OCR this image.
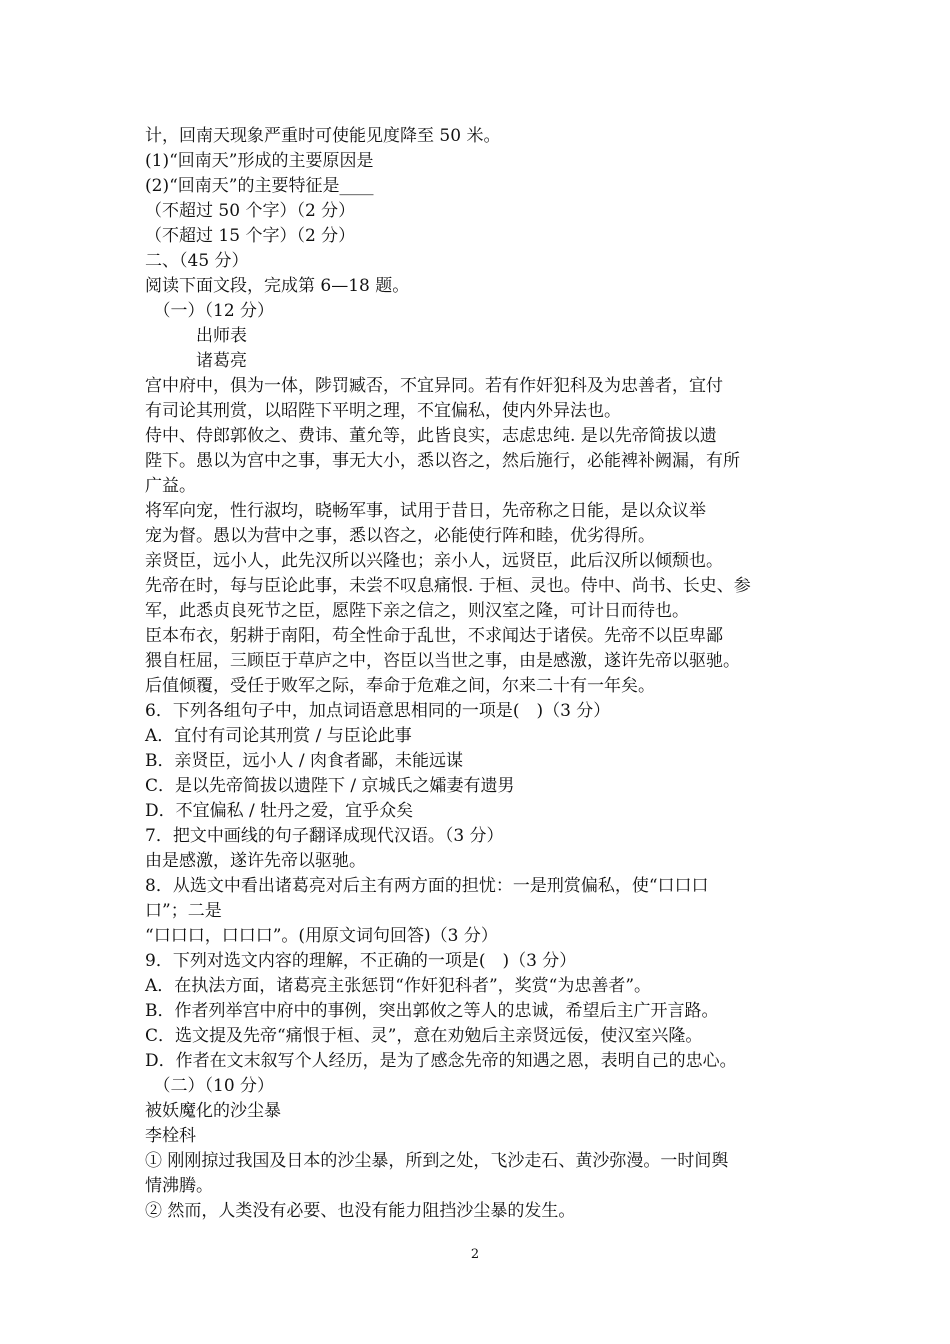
计，回南天现象严重时可使能见度降至 50 米。
(1)“回南天”形成的主要原因是
(2)“回南天”的主要特征是____
（不超过 50 个字）（2 分）
（不超过 15 个字）（2 分）
二、（45 分）
阅读下面文段，完成第 6—18 题。
　（一）（12 分）
　　　出师表
　　　诸葛亮
宫中府中，俱为一体，陟罚臧否，不宜异同。若有作奸犯科及为忠善者，宜付
有司论其刑赏，以昭陛下平明之理，不宜偏私，使内外异法也。
侍中、侍郎郭攸之、费讳、董允等，此皆良实，志虑忠纯. 是以先帝简拔以遗
陛下。愚以为宫中之事，事无大小，悉以咨之，然后施行，必能裨补阙漏，有所
广益。
将军向宠，性行淑均，晓畅军事，试用于昔日，先帝称之日能，是以众议举
宠为督。愚以为营中之事，悉以咨之，必能使行阵和睦，优劣得所。
亲贤臣，远小人，此先汉所以兴隆也；亲小人，远贤臣，此后汉所以倾颓也。
先帝在时，每与臣论此事，未尝不叹息痛恨. 于桓、灵也。侍中、尚书、长史、参
军，此悉贞良死节之臣，愿陛下亲之信之，则汉室之隆，可计日而待也。
臣本布衣，躬耕于南阳，苟全性命于乱世，不求闻达于诸侯。先帝不以臣卑鄙
猥自枉屈，三顾臣于草庐之中，咨臣以当世之事，由是感激，遂许先帝以驱驰。
后值倾覆，受任于败军之际，奉命于危难之间，尔来二十有一年矣。
6．下列各组句子中，加点词语意思相同的一项是(　)（3 分）
A．宜付有司论其刑赏 / 与臣论此事
B．亲贤臣，远小人 / 肉食者鄙，未能远谋
C．是以先帝简拔以遗陛下 / 京城氏之孀妻有遗男
D．不宜偏私 / 牡丹之爱，宜乎众矣
7．把文中画线的句子翻译成现代汉语。（3 分）
由是感激，遂许先帝以驱驰。
8．从选文中看出诸葛亮对后主有两方面的担忧：一是刑赏偏私，使“口口口
口”；二是
“口口口，口口口”。(用原文词句回答)（3 分）
9．下列对选文内容的理解，不正确的一项是(　)（3 分）
A．在执法方面，诸葛亮主张惩罚“作奸犯科者”，奖赏“为忠善者”。
B．作者列举宫中府中的事例，突出郭攸之等人的忠诚，希望后主广开言路。
C．选文提及先帝“痛恨于桓、灵”，意在劝勉后主亲贤远佞，使汉室兴隆。
D．作者在文末叙写个人经历，是为了感念先帝的知遇之恩，表明自己的忠心。
　（二）（10 分）
被妖魔化的沙尘暴
李栓科
① 刚刚掠过我国及日本的沙尘暴，所到之处，飞沙走石、黄沙弥漫。一时间舆
情沸腾。
② 然而，人类没有必要、也没有能力阻挡沙尘暴的发生。
2
